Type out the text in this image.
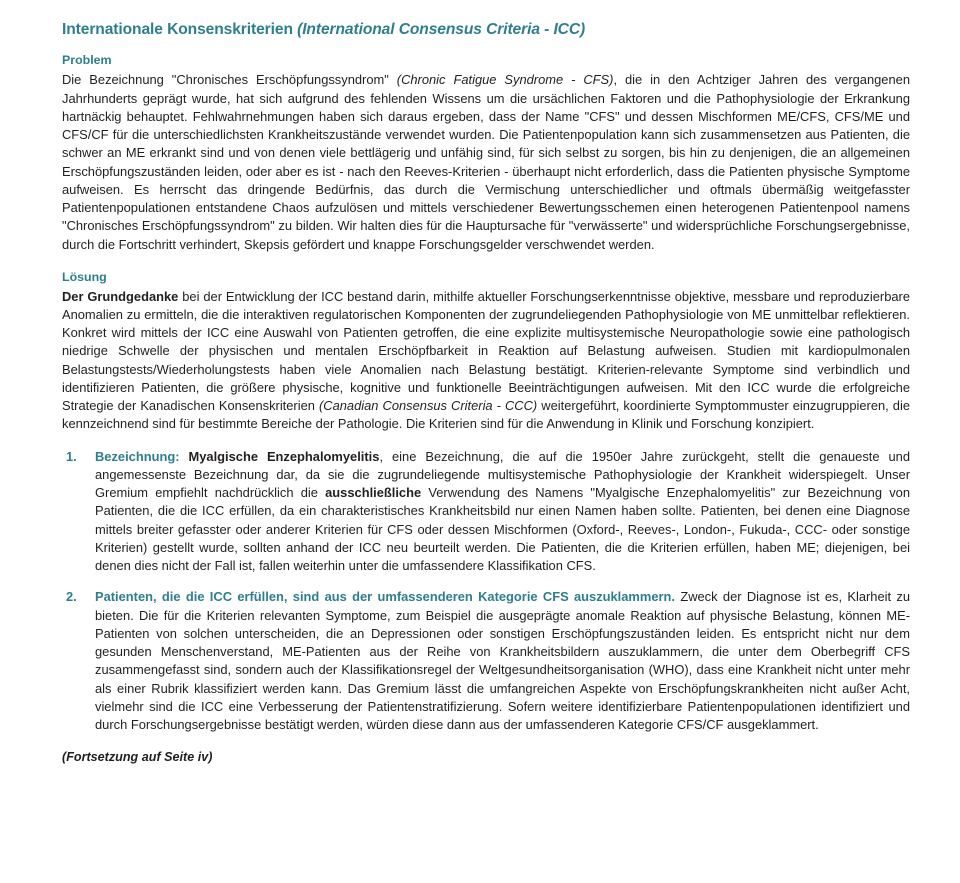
Internationale Konsenskriterien (International Consensus Criteria - ICC)
Problem

Die Bezeichnung "Chronisches Erschöpfungssyndrom" (Chronic Fatigue Syndrome - CFS), die in den Achtziger Jahren des vergangenen Jahrhunderts geprägt wurde, hat sich aufgrund des fehlenden Wissens um die ursächlichen Faktoren und die Pathophysiologie der Erkrankung hartnäckig behauptet. Fehlwahrnehmungen haben sich daraus ergeben, dass der Name "CFS" und dessen Mischformen ME/CFS, CFS/ME und CFS/CF für die unterschiedlichsten Krankheitszustände verwendet wurden. Die Patientenpopulation kann sich zusammensetzen aus Patienten, die schwer an ME erkrankt sind und von denen viele bettlägerig und unfähig sind, für sich selbst zu sorgen, bis hin zu denjenigen, die an allgemeinen Erschöpfungszuständen leiden, oder aber es ist - nach den Reeves-Kriterien - überhaupt nicht erforderlich, dass die Patienten physische Symptome aufweisen. Es herrscht das dringende Bedürfnis, das durch die Vermischung unterschiedlicher und oftmals übermäßig weitgefasster Patientenpopulationen entstandene Chaos aufzulösen und mittels verschiedener Bewertungsschemen einen heterogenen Patientenpool namens "Chronisches Erschöpfungssyndrom" zu bilden. Wir halten dies für die Hauptursache für "verwässerte" und widersprüchliche Forschungsergebnisse, durch die Fortschritt verhindert, Skepsis gefördert und knappe Forschungsgelder verschwendet werden.

Lösung

Der Grundgedanke bei der Entwicklung der ICC bestand darin, mithilfe aktueller Forschungserkenntnisse objektive, messbare und reproduzierbare Anomalien zu ermitteln, die die interaktiven regulatorischen Komponenten der zugrundeliegenden Pathophysiologie von ME unmittelbar reflektieren. Konkret wird mittels der ICC eine Auswahl von Patienten getroffen, die eine explizite multisystemische Neuropathologie sowie eine pathologisch niedrige Schwelle der physischen und mentalen Erschöpfbarkeit in Reaktion auf Belastung aufweisen. Studien mit kardiopulmonalen Belastungstests/Wiederholungstests haben viele Anomalien nach Belastung bestätigt. Kriterien-relevante Symptome sind verbindlich und identifizieren Patienten, die größere physische, kognitive und funktionelle Beeinträchtigungen aufweisen. Mit den ICC wurde die erfolgreiche Strategie der Kanadischen Konsenskriterien (Canadian Consensus Criteria - CCC) weitergeführt, koordinierte Symptommuster einzugruppieren, die kennzeichnend sind für bestimmte Bereiche der Pathologie. Die Kriterien sind für die Anwendung in Klinik und Forschung konzipiert.

1. Bezeichnung: Myalgische Enzephalomyelitis, eine Bezeichnung, die auf die 1950er Jahre zurückgeht, stellt die genaueste und angemessenste Bezeichnung dar, da sie die zugrundeliegende multisystemische Pathophysiologie der Krankheit widerspiegelt. Unser Gremium empfiehlt nachdrücklich die ausschließliche Verwendung des Namens "Myalgische Enzephalomyelitis" zur Bezeichnung von Patienten, die die ICC erfüllen, da ein charakteristisches Krankheitsbild nur einen Namen haben sollte. Patienten, bei denen eine Diagnose mittels breiter gefasster oder anderer Kriterien für CFS oder dessen Mischformen (Oxford-, Reeves-, London-, Fukuda-, CCC- oder sonstige Kriterien) gestellt wurde, sollten anhand der ICC neu beurteilt werden. Die Patienten, die die Kriterien erfüllen, haben ME; diejenigen, bei denen dies nicht der Fall ist, fallen weiterhin unter die umfassendere Klassifikation CFS.
2. Patienten, die die ICC erfüllen, sind aus der umfassenderen Kategorie CFS auszuklammern. Zweck der Diagnose ist es, Klarheit zu bieten. Die für die Kriterien relevanten Symptome, zum Beispiel die ausgeprägte anomale Reaktion auf physische Belastung, können ME-Patienten von solchen unterscheiden, die an Depressionen oder sonstigen Erschöpfungszuständen leiden. Es entspricht nicht nur dem gesunden Menschenverstand, ME-Patienten aus der Reihe von Krankheitsbildern auszuklammern, die unter dem Oberbegriff CFS zusammengefasst sind, sondern auch der Klassifikationsregel der Weltgesundheitsorganisation (WHO), dass eine Krankheit nicht unter mehr als einer Rubrik klassifiziert werden kann. Das Gremium lässt die umfangreichen Aspekte von Erschöpfungskrankheiten nicht außer Acht, vielmehr sind die ICC eine Verbesserung der Patientenstratifizierung. Sofern weitere identifizierbare Patientenpopulationen identifiziert und durch Forschungsergebnisse bestätigt werden, würden diese dann aus der umfassenderen Kategorie CFS/CF ausgeklammert.
(Fortsetzung auf Seite iv)
